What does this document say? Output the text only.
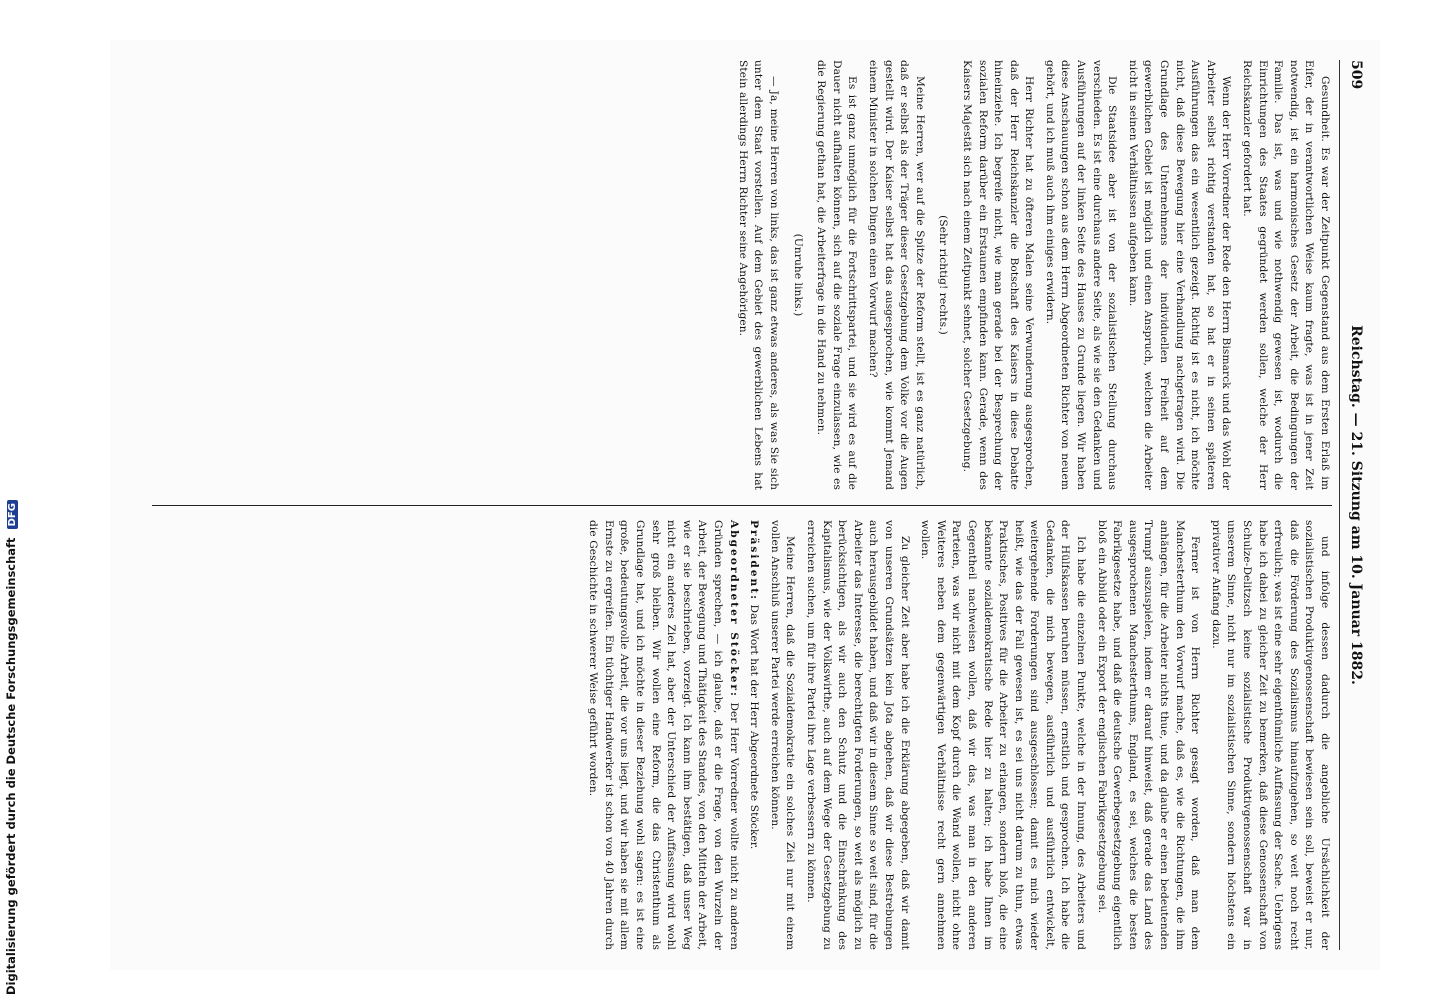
509
Reichstag. — 21. Sitzung am 10. Januar 1882.

Gesundheit. Es war der Zeitpunkt Gegenstand aus dem Ersten Erlaß im Eifer, der in verantwortlichen Weise kaum fragte, was ist in jener Zeit notwendig, ist ein harmonisches Gesetz der Arbeit, die Bedingungen der Familie. Das ist, was und wie nothwendig gewesen ist, wodurch die Einrichtungen des Staates gegründet werden sollen, welche der Herr Reichskanzler gefordert hat.

Wenn der Herr Vorredner der Rede den Herrn Bismarck und das Wohl der Arbeiter selbst richtig verstanden hat, so hat er in seinen späteren Ausführungen das ein wesentlich gezeigt. Richtig ist es nicht, ich möchte nicht, daß diese Bewegung hier eine Verhandlung nachgetragen wird. Die Grundlage des Unternehmens der individuellen Freiheit auf dem gewerblichen Gebiet ist möglich und einen Anspruch, welchen die Arbeiter nicht in seinen Verhältnissen aufgeben kann.

Die Staatsidee aber ist von der sozialistischen Stellung durchaus verschieden. Es ist eine durchaus andere Seite, als wie sie den Gedanken und Ausführungen auf der linken Seite des Hauses zu Grunde liegen. Wir haben diese Anschauungen schon aus dem Herrn Abgeordneten Richter von neuem gehört, und ich muß auch ihm einiges erwidern.

Herr Richter hat zu öfteren Malen seine Verwunderung ausgesprochen, daß der Herr Reichskanzler die Botschaft des Kaisers in diese Debatte hineinziehe. Ich begreife nicht, wie man gerade bei der Besprechung der sozialen Reform darüber ein Erstaunen empfinden kann. Gerade, wenn des Kaisers Majestät sich nach einem Zeitpunkt sehnet, solcher Gesetzgebung.

(Sehr richtig! rechts.)

Meine Herren, wer auf die Spitze der Reform stellt, ist es ganz natürlich, daß er selbst als der Träger dieser Gesetzgebung dem Volke vor die Augen gestellt wird. Der Kaiser selbst hat das ausgesprochen, wie kommt Jemand einem Minister in solchen Dingen einen Vorwurf machen?

Es ist ganz unmöglich für die Fortschrittspartei, und sie wird es auf die Dauer nicht aufhalten können, sich auf die soziale Frage einzulassen, wie es die Regierung gethan hat, die Arbeiterfrage in die Hand zu nehmen.

(Unruhe links.)

— Ja, meine Herren von links, das ist ganz etwas anderes, als was Sie sich unter dem Staat vorstellen. Auf dem Gebiet des gewerblichen Lebens hat Stein allerdings Herrn Richter seine Angehörigen.

und infolge dessen dadurch die angebliche Ursächlichkeit der sozialistischen Produktivgenossenschaft bewiesen sein soll, beweist er nur, daß die Förderung des Sozialismus hinaufzugehen, so weit noch recht erfreulich; was ist eine sehr eigenthümliche Auffassung der Sache. Uebrigens habe ich dabei zu gleicher Zeit zu bemerken, daß diese Genossenschaft von Schulze-Delitzsch keine sozialistische Produktivgenossenschaft war in unserem Sinne, nicht nur im sozialistischen Sinne, sondern höchstens ein privativer Anfang dazu.

Ferner ist von Herrn Richter gesagt worden, daß man dem Manchesterthum den Vorwurf mache, daß es, wie die Richtungen, die ihm anhängen, für die Arbeiter nichts thue, und da glaube er einen bedeutenden Trumpf auszuspielen, indem er darauf hinweist, daß gerade das Land des ausgesprochenen Manchesterthums, England, es sei, welches die besten Fabrikgesetze habe, und daß die deutsche Gewerbegesetzgebung eigentlich bloß ein Abbild oder ein Export der englischen Fabrikgesetzgebung sei.

Ich habe die einzelnen Punkte, welche in der Innung, des Arbeiters und der Hülfskassen beruhen müssen, ernstlich und gesprochen. Ich habe die Gedanken, die mich bewegen, ausführlich und ausführlich entwickelt, weitergehende Forderungen sind ausgeschlossen; damit es mich wieder heißt, wie das der Fall gewesen ist, es sei uns nicht darum zu thun, etwas Praktisches, Positives für die Arbeiter zu erlangen, sondern bloß, die eine bekannte sozialdemokratische Rede hier zu halten; ich habe Ihnen im Gegentheil nachweisen wollen, daß wir das, was man in den anderen Parteien, was wir nicht mit dem Kopf durch die Wand wollen, nicht ohne Weiteres neben dem gegenwärtigen Verhältnisse recht gern annehmen wollen.

Zu gleicher Zeit aber habe ich die Erklärung abgegeben, daß wir damit von unseren Grundsätzen kein Jota abgehen, daß wir diese Bestrebungen auch herausgebildet haben, und daß wir in diesem Sinne so weit sind, für die Arbeiter das Interesse, die berechtigten Forderungen, so weit als möglich zu berücksichtigen, als wir auch den Schutz und die Einschränkung des Kapitalismus, wie der Volkswirthe, auch auf dem Wege der Gesetzgebung zu erreichen suchen, um für ihre Partei ihre Lage verbessern zu können.

Meine Herren, daß die Sozialdemokratie ein solches Ziel nur mit einem vollen Anschluß unserer Partei werde erreichen können.

Präsident: Das Wort hat der Herr Abgeordnete Stöcker.

Abgeordneter Stöcker: Der Herr Vorredner wollte nicht zu anderen Gründen sprechen, — ich glaube, daß er die Frage, von den Wurzeln der Arbeit, der Bewegung und Thätigkeit des Standes, von den Mitteln der Arbeit, wie er sie beschrieben, vorzeigt. Ich kann ihm bestätigen, daß unser Weg nicht ein anderes Ziel hat, aber der Unterschied der Auffassung wird wohl sehr groß bleiben. Wir wollen eine Reform, die das Christenthum als Grundlage hat, und ich möchte in dieser Beziehung wohl sagen: es ist eine große, bedeutungsvolle Arbeit, die vor uns liegt, und wir haben sie mit allem Ernste zu ergreifen. Ein tüchtiger Handwerker ist schon von 40 Jahren durch die Geschichte in schwerer Weise geführt worden.

Digitalisierung gefördert durch die Deutsche Forschungsgemeinschaft DFG
